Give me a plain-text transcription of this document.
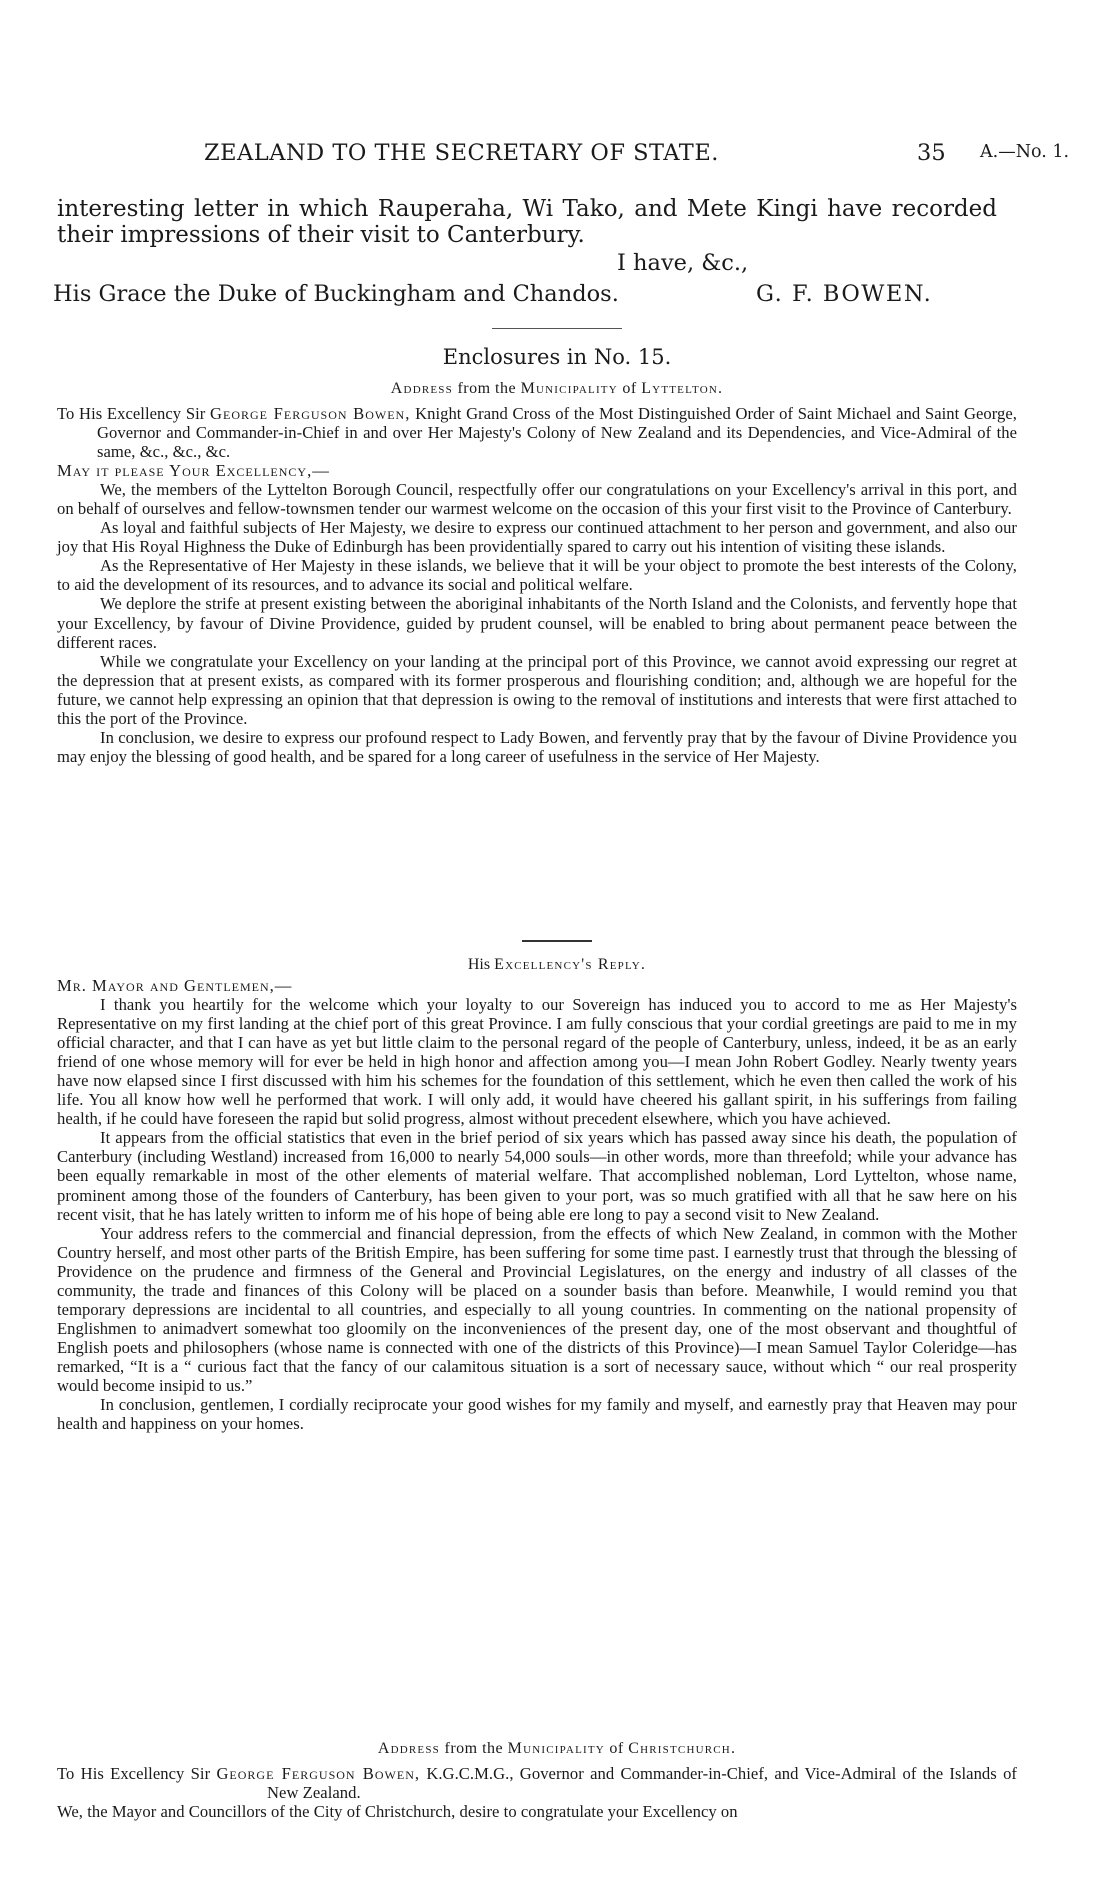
ZEALAND TO THE SECRETARY OF STATE.	35 A.—No. 1.

interesting letter in which Rauperaha, Wi Tako, and Mete Kingi have recorded their impressions of their visit to Canterbury.

I have, &c.,
His Grace the Duke of Buckingham and Chandos.	G. F. BOWEN.
Enclosures in No. 15.
Address from the Municipality of Lyttelton.

To His Excellency Sir George Ferguson Bowen, Knight Grand Cross of the Most Distinguished Order of Saint Michael and Saint George, Governor and Commander-in-Chief in and over Her Majesty's Colony of New Zealand and its Dependencies, and Vice-Admiral of the same, &c., &c., &c.

May it please Your Excellency,—

We, the members of the Lyttelton Borough Council, respectfully offer our congratulations on your Excellency's arrival in this port, and on behalf of ourselves and fellow-townsmen tender our warmest welcome on the occasion of this your first visit to the Province of Canterbury.

As loyal and faithful subjects of Her Majesty, we desire to express our continued attachment to her person and government, and also our joy that His Royal Highness the Duke of Edinburgh has been providentially spared to carry out his intention of visiting these islands.

As the Representative of Her Majesty in these islands, we believe that it will be your object to promote the best interests of the Colony, to aid the development of its resources, and to advance its social and political welfare.

We deplore the strife at present existing between the aboriginal inhabitants of the North Island and the Colonists, and fervently hope that your Excellency, by favour of Divine Providence, guided by prudent counsel, will be enabled to bring about permanent peace between the different races.

While we congratulate your Excellency on your landing at the principal port of this Province, we cannot avoid expressing our regret at the depression that at present exists, as compared with its former prosperous and flourishing condition; and, although we are hopeful for the future, we cannot help expressing an opinion that that depression is owing to the removal of institutions and interests that were first attached to this the port of the Province.

In conclusion, we desire to express our profound respect to Lady Bowen, and fervently pray that by the favour of Divine Providence you may enjoy the blessing of good health, and be spared for a long career of usefulness in the service of Her Majesty.

His Excellency's Reply.

Mr. Mayor and Gentlemen,—

I thank you heartily for the welcome which your loyalty to our Sovereign has induced you to accord to me as Her Majesty's Representative on my first landing at the chief port of this great Province. I am fully conscious that your cordial greetings are paid to me in my official character, and that I can have as yet but little claim to the personal regard of the people of Canterbury, unless, indeed, it be as an early friend of one whose memory will for ever be held in high honor and affection among you—I mean John Robert Godley. Nearly twenty years have now elapsed since I first discussed with him his schemes for the foundation of this settlement, which he even then called the work of his life. You all know how well he performed that work. I will only add, it would have cheered his gallant spirit, in his sufferings from failing health, if he could have foreseen the rapid but solid progress, almost without precedent elsewhere, which you have achieved.

It appears from the official statistics that even in the brief period of six years which has passed away since his death, the population of Canterbury (including Westland) increased from 16,000 to nearly 54,000 souls—in other words, more than threefold; while your advance has been equally remarkable in most of the other elements of material welfare. That accomplished nobleman, Lord Lyttelton, whose name, prominent among those of the founders of Canterbury, has been given to your port, was so much gratified with all that he saw here on his recent visit, that he has lately written to inform me of his hope of being able ere long to pay a second visit to New Zealand.

Your address refers to the commercial and financial depression, from the effects of which New Zealand, in common with the Mother Country herself, and most other parts of the British Empire, has been suffering for some time past. I earnestly trust that through the blessing of Providence on the prudence and firmness of the General and Provincial Legislatures, on the energy and industry of all classes of the community, the trade and finances of this Colony will be placed on a sounder basis than before. Meanwhile, I would remind you that temporary depressions are incidental to all countries, and especially to all young countries. In commenting on the national propensity of Englishmen to animadvert somewhat too gloomily on the inconveniences of the present day, one of the most observant and thoughtful of English poets and philosophers (whose name is connected with one of the districts of this Province)—I mean Samuel Taylor Coleridge—has remarked, “It is a “ curious fact that the fancy of our calamitous situation is a sort of necessary sauce, without which “ our real prosperity would become insipid to us.”

In conclusion, gentlemen, I cordially reciprocate your good wishes for my family and myself, and earnestly pray that Heaven may pour health and happiness on your homes.

Address from the Municipality of Christchurch.

To His Excellency Sir George Ferguson Bowen, K.G.C.M.G., Governor and Commander-in-Chief, and Vice-Admiral of the Islands of New Zealand.

We, the Mayor and Councillors of the City of Christchurch, desire to congratulate your Excellency on
